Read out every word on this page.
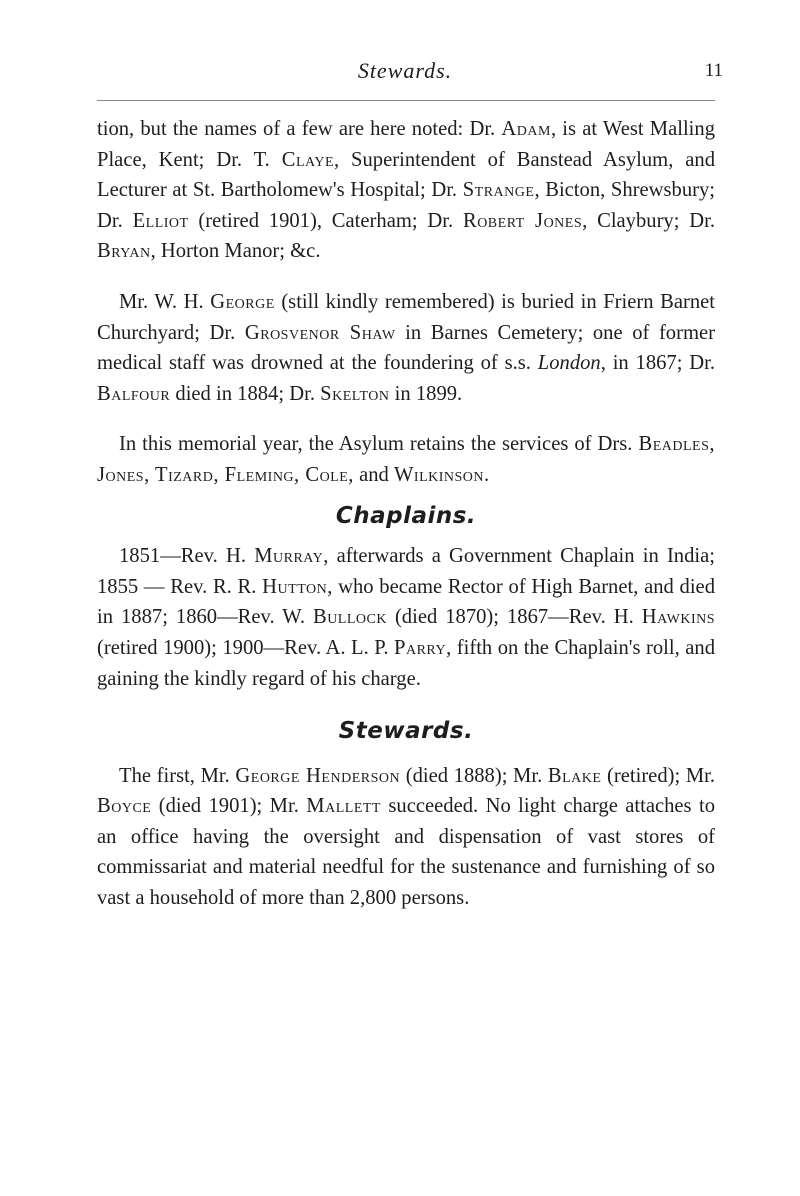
Stewards.	11

tion, but the names of a few are here noted: Dr. Adam, is at West Malling Place, Kent; Dr. T. Claye, Superintendent of Banstead Asylum, and Lecturer at St. Bartholomew's Hospital; Dr. Strange, Bicton, Shrewsbury; Dr. Elliot (retired 1901), Caterham; Dr. Robert Jones, Claybury; Dr. Bryan, Horton Manor; &c.

Mr. W. H. George (still kindly remembered) is buried in Friern Barnet Churchyard; Dr. Grosvenor Shaw in Barnes Cemetery; one of former medical staff was drowned at the foundering of s.s. London, in 1867; Dr. Balfour died in 1884; Dr. Skelton in 1899.

In this memorial year, the Asylum retains the services of Drs. Beadles, Jones, Tizard, Fleming, Cole, and Wilkinson.

Chaplains.

1851—Rev. H. Murray, afterwards a Government Chaplain in India; 1855 — Rev. R. R. Hutton, who became Rector of High Barnet, and died in 1887; 1860—Rev. W. Bullock (died 1870); 1867—Rev. H. Hawkins (retired 1900); 1900—Rev. A. L. P. Parry, fifth on the Chaplain's roll, and gaining the kindly regard of his charge.

Stewards.

The first, Mr. George Henderson (died 1888); Mr. Blake (retired); Mr. Boyce (died 1901); Mr. Mallett succeeded. No light charge attaches to an office having the oversight and dispensation of vast stores of commissariat and material needful for the sustenance and furnishing of so vast a household of more than 2,800 persons.
